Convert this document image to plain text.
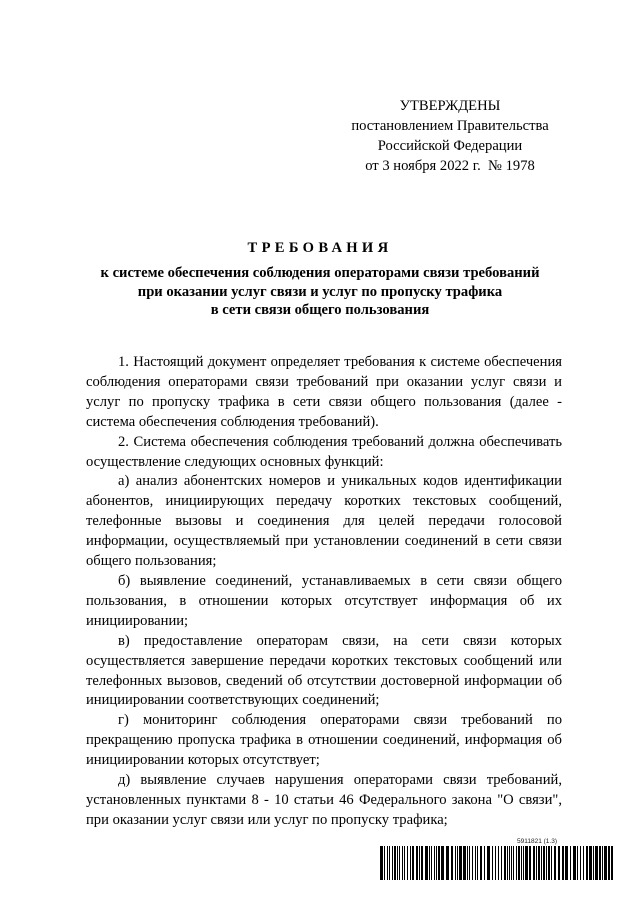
УТВЕРЖДЕНЫ
постановлением Правительства
Российской Федерации
от 3 ноября 2022 г.  № 1978
ТРЕБОВАНИЯ
к системе обеспечения соблюдения операторами связи требований
при оказании услуг связи и услуг по пропуску трафика
в сети связи общего пользования

1. Настоящий документ определяет требования к системе обеспечения соблюдения операторами связи требований при оказании услуг связи и услуг по пропуску трафика в сети связи общего пользования (далее - система обеспечения соблюдения требований).

2. Система обеспечения соблюдения требований должна обеспечивать осуществление следующих основных функций:

а) анализ абонентских номеров и уникальных кодов идентификации абонентов, инициирующих передачу коротких текстовых сообщений, телефонные вызовы и соединения для целей передачи голосовой информации, осуществляемый при установлении соединений в сети связи общего пользования;

б) выявление соединений, устанавливаемых в сети связи общего пользования, в отношении которых отсутствует информация об их инициировании;

в) предоставление операторам связи, на сети связи которых осуществляется завершение передачи коротких текстовых сообщений или телефонных вызовов, сведений об отсутствии достоверной информации об инициировании соответствующих соединений;

г) мониторинг соблюдения операторами связи требований по прекращению пропуска трафика в отношении соединений, информация об инициировании которых отсутствует;

д) выявление случаев нарушения операторами связи требований, установленных пунктами 8 - 10 статьи 46 Федерального закона "О связи", при оказании услуг связи или услуг по пропуску трафика;

5911821 (1.3)
